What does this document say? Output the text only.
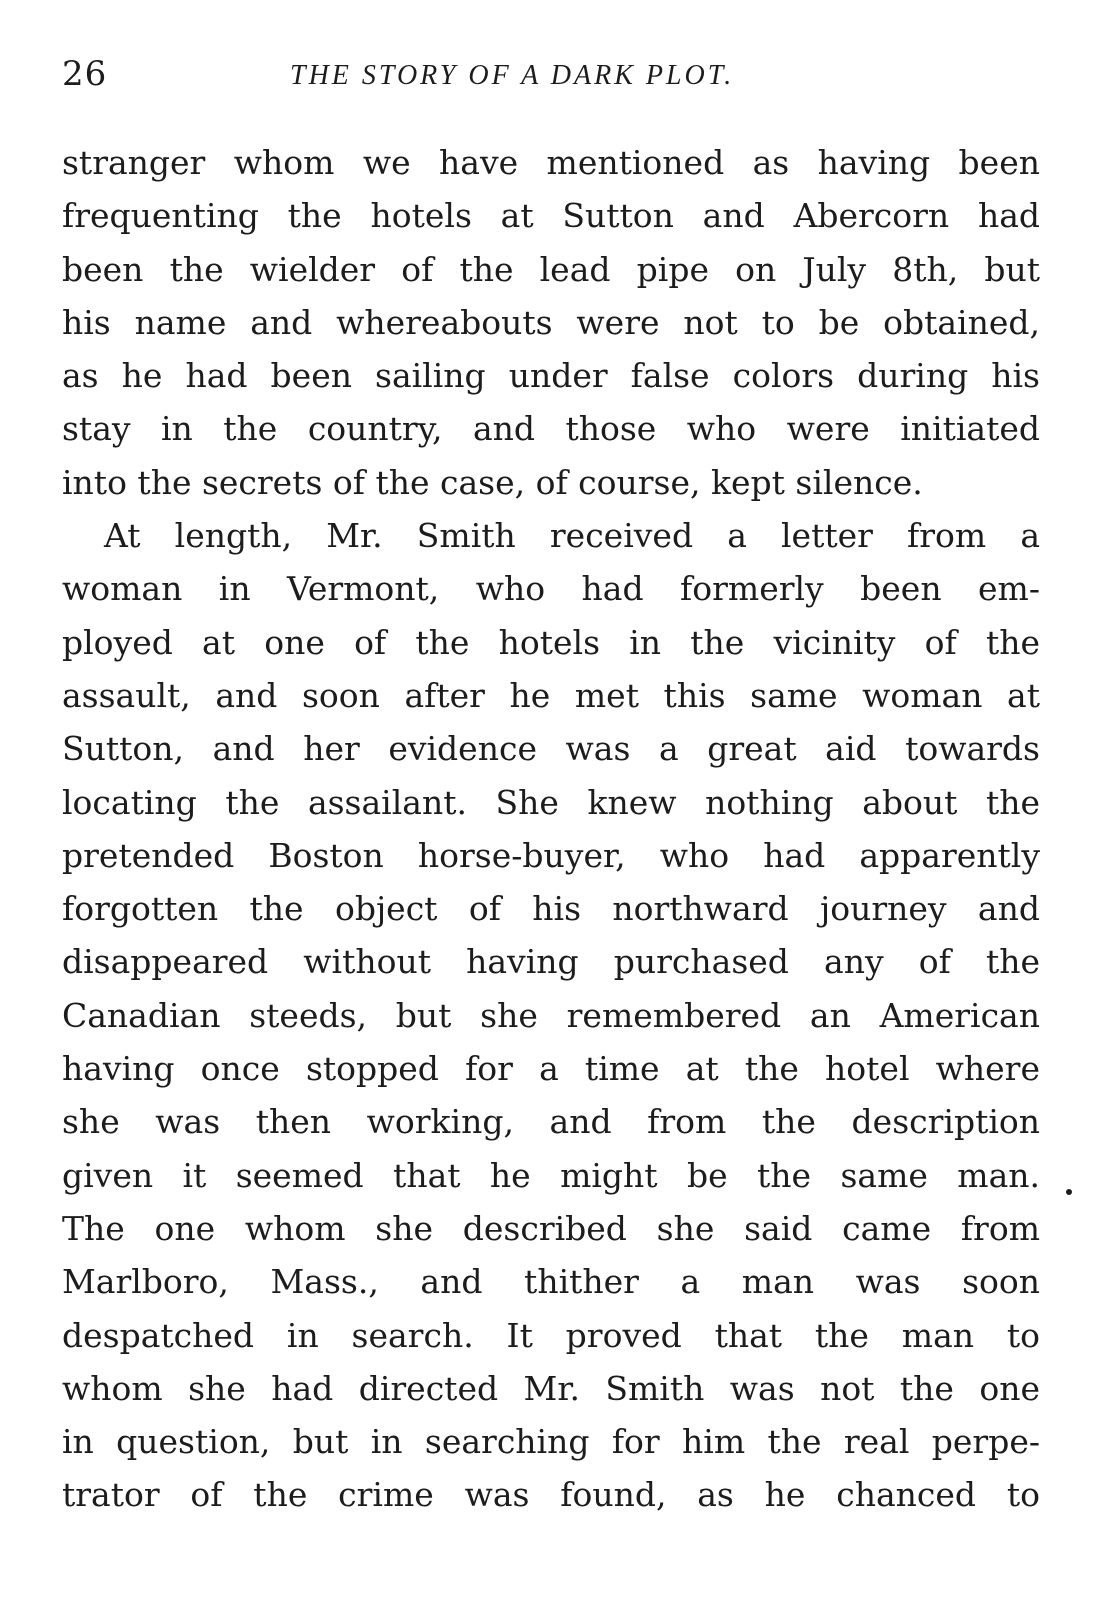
26	THE STORY OF A DARK PLOT.
stranger whom we have mentioned as having been
frequenting the hotels at Sutton and Abercorn had
been the wielder of the lead pipe on July 8th, but
his name and whereabouts were not to be obtained,
as he had been sailing under false colors during his
stay in the country, and those who were initiated
into the secrets of the case, of course, kept silence.
At length, Mr. Smith received a letter from a
woman in Vermont, who had formerly been em-
ployed at one of the hotels in the vicinity of the
assault, and soon after he met this same woman at
Sutton, and her evidence was a great aid towards
locating the assailant. She knew nothing about the
pretended Boston horse-buyer, who had apparently
forgotten the object of his northward journey and
disappeared without having purchased any of the
Canadian steeds, but she remembered an American
having once stopped for a time at the hotel where
she was then working, and from the description
given it seemed that he might be the same man.
The one whom she described she said came from
Marlboro, Mass., and thither a man was soon
despatched in search. It proved that the man to
whom she had directed Mr. Smith was not the one
in question, but in searching for him the real perpe-
trator of the crime was found, as he chanced to
